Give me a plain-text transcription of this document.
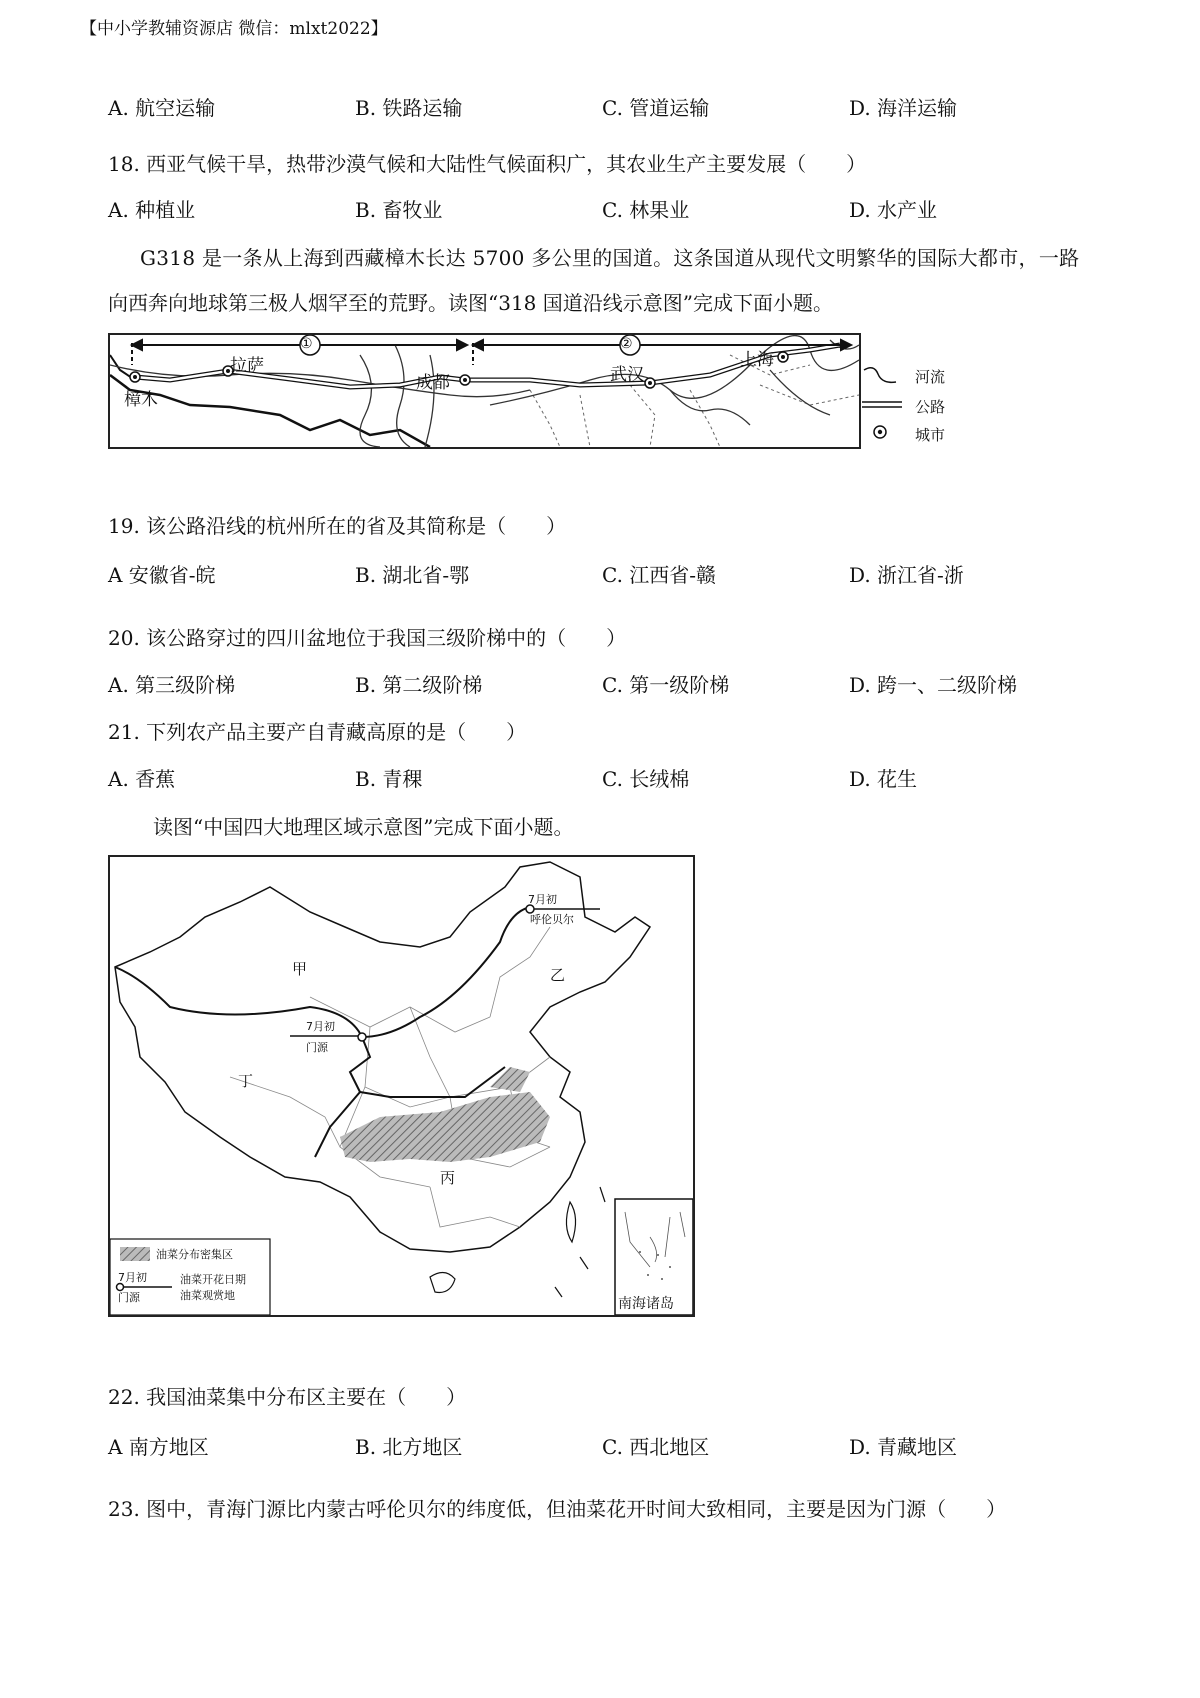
【中小学教辅资源店 微信：mlxt2022】
A. 航空运输	B. 铁路运输	C. 管道运输	D. 海洋运输
18. 西亚气候干旱，热带沙漠气候和大陆性气候面积广，其农业生产主要发展（　　）
A. 种植业	B. 畜牧业	C. 林果业	D. 水产业
G318 是一条从上海到西藏樟木长达 5700 多公里的国道。这条国道从现代文明繁华的国际大都市，一路
向西奔向地球第三极人烟罕至的荒野。读图“318 国道沿线示意图”完成下面小题。
①	②
樟木
拉萨
成都	武汉
上海
河流
公路
城市
19. 该公路沿线的杭州所在的省及其简称是（　　）
A 安徽省-皖	B. 湖北省-鄂	C. 江西省-赣	D. 浙江省-浙
20. 该公路穿过的四川盆地位于我国三级阶梯中的（　　）
A. 第三级阶梯	B. 第二级阶梯	C. 第一级阶梯	D. 跨一、二级阶梯
21. 下列农产品主要产自青藏高原的是（　　）
A. 香蕉	B. 青稞	C. 长绒棉	D. 花生
读图“中国四大地理区域示意图”完成下面小题。
甲	乙
丙
丁
7月初
呼伦贝尔
7月初
门源
油菜分布密集区
7月初
门源
油菜开花日期
油菜观赏地
南海诸岛
22. 我国油菜集中分布区主要在（　　）
A 南方地区	B. 北方地区	C. 西北地区	D. 青藏地区
23. 图中，青海门源比内蒙古呼伦贝尔的纬度低，但油菜花开时间大致相同，主要是因为门源（　　）
